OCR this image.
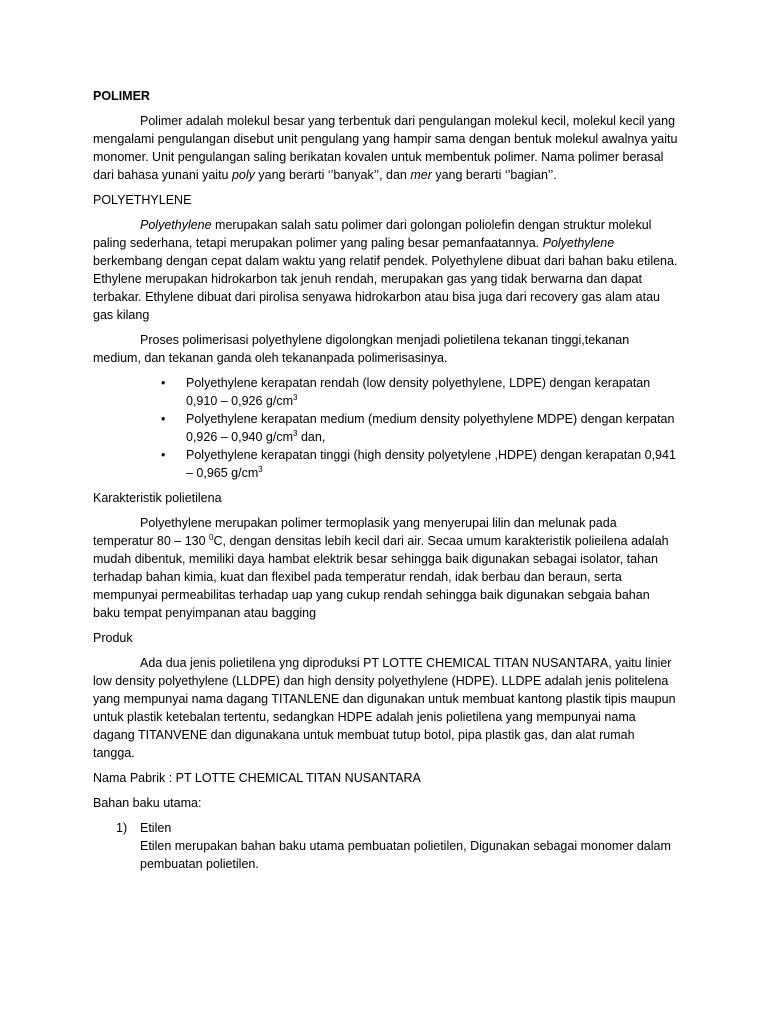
POLIMER

Polimer adalah molekul besar yang terbentuk dari pengulangan molekul kecil, molekul kecil yang mengalami pengulangan disebut unit pengulang yang hampir sama dengan bentuk molekul awalnya yaitu monomer. Unit pengulangan saling berikatan kovalen untuk membentuk polimer. Nama polimer berasal dari bahasa yunani yaitu poly yang berarti ‘’banyak’’, dan mer yang berarti ‘’bagian’’.

POLYETHYLENE

Polyethylene merupakan salah satu polimer dari golongan poliolefin dengan struktur molekul paling sederhana, tetapi merupakan polimer yang paling besar pemanfaatannya. Polyethylene berkembang dengan cepat dalam waktu yang relatif pendek. Polyethylene dibuat dari bahan baku etilena. Ethylene merupakan hidrokarbon tak jenuh rendah, merupakan gas yang tidak berwarna dan dapat terbakar. Ethylene dibuat dari pirolisa senyawa hidrokarbon atau bisa juga dari recovery gas alam atau gas kilang

Proses polimerisasi polyethylene digolongkan menjadi polietilena tekanan tinggi,tekanan medium, dan tekanan ganda oleh tekananpada polimerisasinya.

• Polyethylene kerapatan rendah (low density polyethylene, LDPE) dengan kerapatan 0,910 – 0,926 $g/cm^3$
• Polyethylene kerapatan medium (medium density polyethylene MDPE) dengan kerpatan 0,926 – 0,940 $g/cm^3$ dan,
• Polyethylene kerapatan tinggi (high density polyetylene ,HDPE) dengan kerapatan 0,941 – 0,965 $g/cm^3$
Karakteristik polietilena

Polyethylene merupakan polimer termoplasik yang menyerupai lilin dan melunak pada temperatur 80 – 130 $^0$C, dengan densitas lebih kecil dari air. Secaa umum karakteristik polieilena adalah mudah dibentuk, memiliki daya hambat elektrik besar sehingga baik digunakan sebagai isolator, tahan terhadap bahan kimia, kuat dan flexibel pada temperatur rendah, idak berbau dan beraun, serta mempunyai permeabilitas terhadap uap yang cukup rendah sehingga baik digunakan sebgaia bahan baku tempat penyimpanan atau bagging

Produk

Ada dua jenis polietilena yng diproduksi PT LOTTE CHEMICAL TITAN NUSANTARA, yaitu linier low density polyethylene (LLDPE) dan high density polyethylene (HDPE). LLDPE adalah jenis politelena yang mempunyai nama dagang TITANLENE dan digunakan untuk membuat kantong plastik tipis maupun untuk plastik ketebalan tertentu, sedangkan HDPE adalah jenis polietilena yang mempunyai nama dagang TITANVENE dan digunakana untuk membuat tutup botol, pipa plastik gas, dan alat rumah tangga.

Nama Pabrik : PT LOTTE CHEMICAL TITAN NUSANTARA

Bahan baku utama:
1) Etilen
Etilen merupakan bahan baku utama pembuatan polietilen, Digunakan sebagai monomer dalam pembuatan polietilen.
